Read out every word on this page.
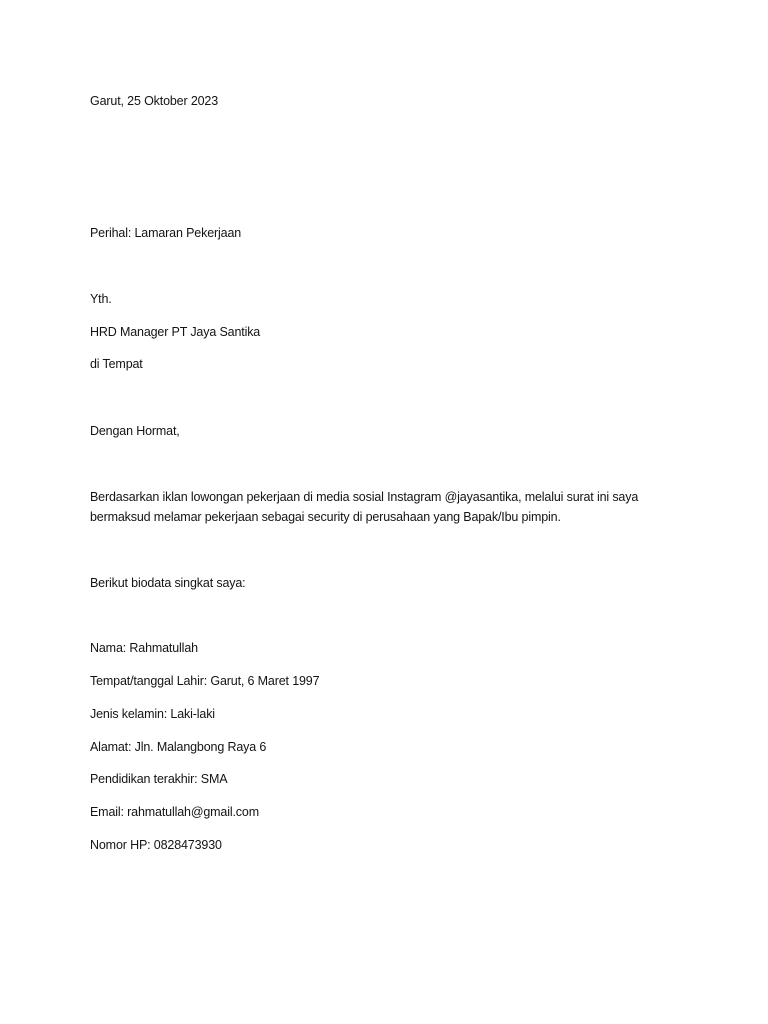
Garut, 25 Oktober 2023

Perihal: Lamaran Pekerjaan

Yth.

HRD Manager PT Jaya Santika

di Tempat

Dengan Hormat,

Berdasarkan iklan lowongan pekerjaan di media sosial Instagram @jayasantika, melalui surat ini saya

bermaksud melamar pekerjaan sebagai security di perusahaan yang Bapak/Ibu pimpin.

Berikut biodata singkat saya:

Nama: Rahmatullah

Tempat/tanggal Lahir: Garut, 6 Maret 1997

Jenis kelamin: Laki-laki

Alamat: Jln. Malangbong Raya 6

Pendidikan terakhir: SMA

Email: rahmatullah@gmail.com

Nomor HP: 0828473930
